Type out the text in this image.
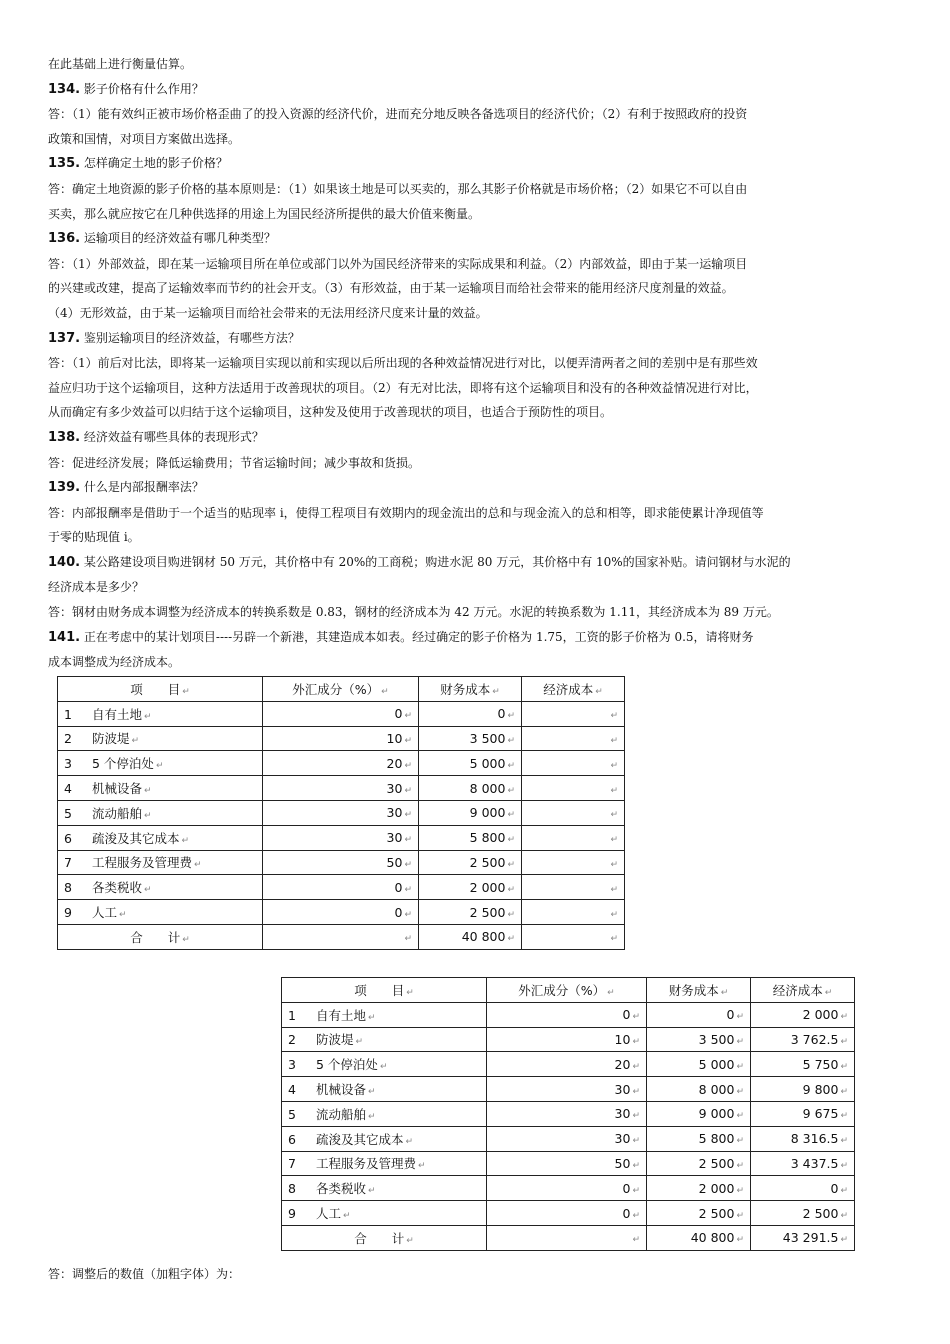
在此基础上进行衡量估算。
134. 影子价格有什么作用？
答：（1）能有效纠正被市场价格歪曲了的投入资源的经济代价，进而充分地反映各备选项目的经济代价；（2）有利于按照政府的投资
政策和国情，对项目方案做出选择。
135. 怎样确定土地的影子价格？
答：确定土地资源的影子价格的基本原则是：（1）如果该土地是可以买卖的，那么其影子价格就是市场价格；（2）如果它不可以自由
买卖，那么就应按它在几种供选择的用途上为国民经济所提供的最大价值来衡量。
136. 运输项目的经济效益有哪几种类型？
答：（1）外部效益，即在某一运输项目所在单位或部门以外为国民经济带来的实际成果和利益。（2）内部效益，即由于某一运输项目
的兴建或改建，提高了运输效率而节约的社会开支。（3）有形效益，由于某一运输项目而给社会带来的能用经济尺度剂量的效益。
（4）无形效益，由于某一运输项目而给社会带来的无法用经济尺度来计量的效益。
137. 鉴别运输项目的经济效益，有哪些方法？
答：（1）前后对比法，即将某一运输项目实现以前和实现以后所出现的各种效益情况进行对比，以便弄清两者之间的差别中是有那些效
益应归功于这个运输项目，这种方法适用于改善现状的项目。（2）有无对比法，即将有这个运输项目和没有的各种效益情况进行对比，
从而确定有多少效益可以归结于这个运输项目，这种发及使用于改善现状的项目，也适合于预防性的项目。
138. 经济效益有哪些具体的表现形式？
答：促进经济发展；降低运输费用；节省运输时间；减少事故和货损。
139. 什么是内部报酬率法？
答：内部报酬率是借助于一个适当的贴现率 i，使得工程项目有效期内的现金流出的总和与现金流入的总和相等，即求能使累计净现值等
于零的贴现值 i。
140. 某公路建设项目购进钢材 50 万元，其价格中有 20%的工商税；购进水泥 80 万元，其价格中有 10%的国家补贴。请问钢材与水泥的
经济成本是多少？
答：钢材由财务成本调整为经济成本的转换系数是 0.83，钢材的经济成本为 42 万元。水泥的转换系数为 1.11，其经济成本为 89 万元。
141. 正在考虑中的某计划项目----另辟一个新港，其建造成本如表。经过确定的影子价格为 1.75，工资的影子价格为 0.5，请将财务
成本调整成为经济成本。
项　　目 ↵	外汇成分（%） ↵	财务成本 ↵	经济成本 ↵
1 自有土地 ↵	0 ↵	0 ↵	↵
2 防波堤 ↵	10 ↵	3 500 ↵	↵
3 5 个停泊处 ↵	20 ↵	5 000 ↵	↵
4 机械设备 ↵	30 ↵	8 000 ↵	↵
5 流动船舶 ↵	30 ↵	9 000 ↵	↵
6 疏浚及其它成本 ↵	30 ↵	5 800 ↵	↵
7 工程服务及管理费 ↵	50 ↵	2 500 ↵	↵
8 各类税收 ↵	0 ↵	2 000 ↵	↵
9 人工 ↵	0 ↵	2 500 ↵	↵
合　　计 ↵	↵	40 800 ↵	↵
项　　目 ↵	外汇成分（%） ↵	财务成本 ↵	经济成本 ↵
1 自有土地 ↵	0 ↵	0 ↵	2 000 ↵
2 防波堤 ↵	10 ↵	3 500 ↵	3 762.5 ↵
3 5 个停泊处 ↵	20 ↵	5 000 ↵	5 750 ↵
4 机械设备 ↵	30 ↵	8 000 ↵	9 800 ↵
5 流动船舶 ↵	30 ↵	9 000 ↵	9 675 ↵
6 疏浚及其它成本 ↵	30 ↵	5 800 ↵	8 316.5 ↵
7 工程服务及管理费 ↵	50 ↵	2 500 ↵	3 437.5 ↵
8 各类税收 ↵	0 ↵	2 000 ↵	0 ↵
9 人工 ↵	0 ↵	2 500 ↵	2 500 ↵
合　　计 ↵	↵	40 800 ↵	43 291.5 ↵
答：调整后的数值（加粗字体）为：
